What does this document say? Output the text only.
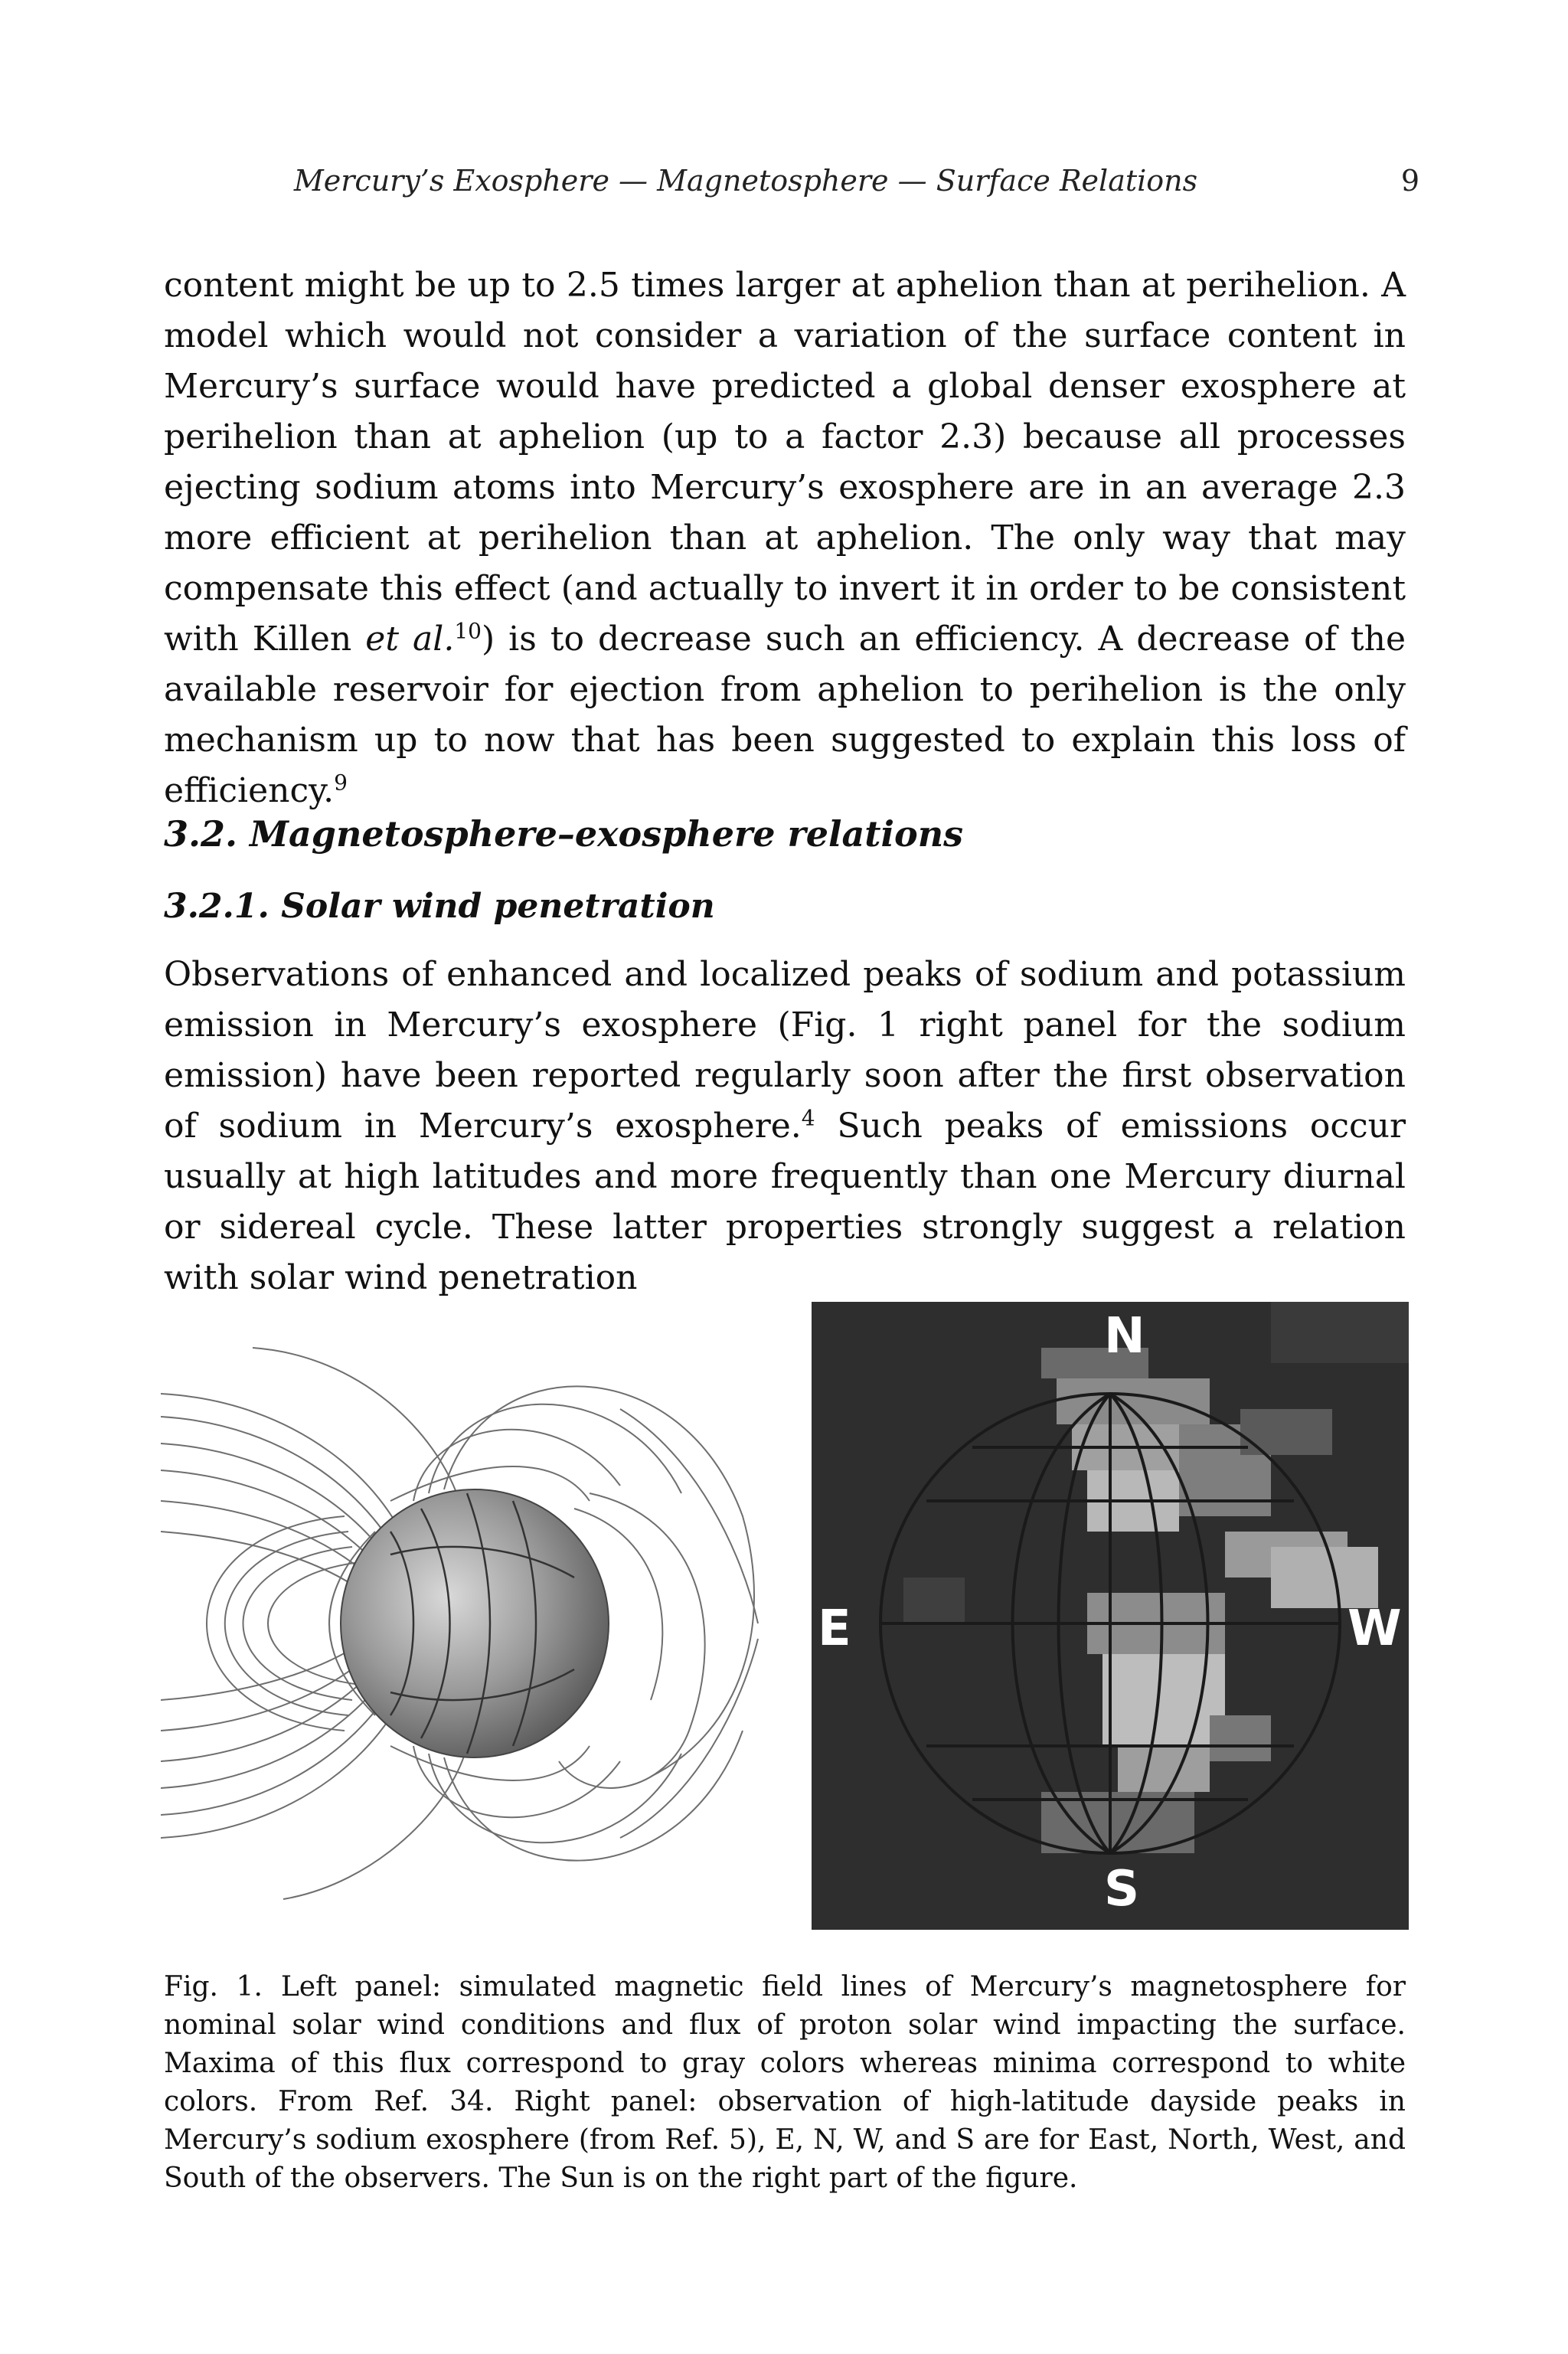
Mercury’s Exosphere — Magnetosphere — Surface Relations	9

content might be up to 2.5 times larger at aphelion than at perihelion. A model which would not consider a variation of the surface content in Mercury’s surface would have predicted a global denser exosphere at perihelion than at aphelion (up to a factor 2.3) because all processes ejecting sodium atoms into Mercury’s exosphere are in an average 2.3 more efficient at perihelion than at aphelion. The only way that may compensate this effect (and actually to invert it in order to be consistent with Killen et al.$^{10}$) is to decrease such an efficiency. A decrease of the available reservoir for ejection from aphelion to perihelion is the only mechanism up to now that has been suggested to explain this loss of efficiency.$^9$

3.2. Magnetosphere–exosphere relations
3.2.1. Solar wind penetration

Observations of enhanced and localized peaks of sodium and potassium emission in Mercury’s exosphere (Fig. 1 right panel for the sodium emission) have been reported regularly soon after the first observation of sodium in Mercury’s exosphere.$^4$ Such peaks of emissions occur usually at high latitudes and more frequently than one Mercury diurnal or sidereal cycle. These latter properties strongly suggest a relation with solar wind penetration

N
E	W
S

Fig. 1. Left panel: simulated magnetic field lines of Mercury’s magnetosphere for nominal solar wind conditions and flux of proton solar wind impacting the surface. Maxima of this flux correspond to gray colors whereas minima correspond to white colors. From Ref. 34. Right panel: observation of high-latitude dayside peaks in Mercury’s sodium exosphere (from Ref. 5), E, N, W, and S are for East, North, West, and South of the observers. The Sun is on the right part of the figure.
